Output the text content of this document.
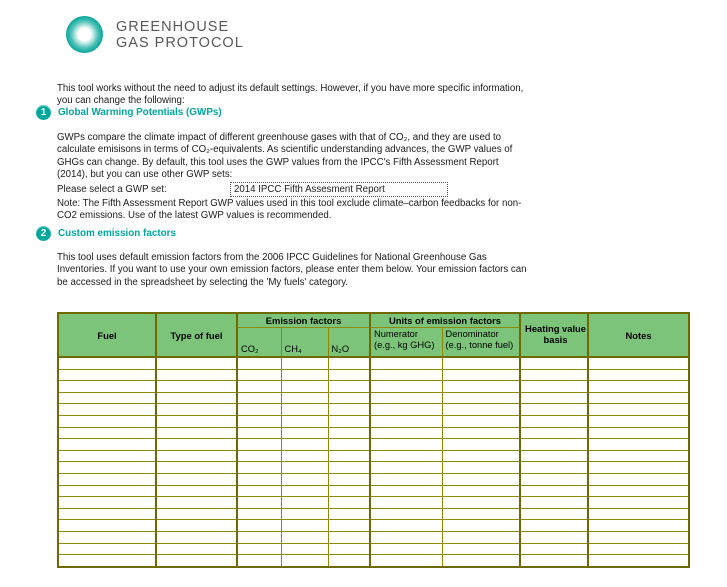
GREENHOUSE
GAS PROTOCOL

This tool works without the need to adjust its default settings. However, if you have more specific information, you can change the following:

1	Global Warming Potentials (GWPs)

GWPs compare the climate impact of different greenhouse gases with that of CO₂, and they are used to calculate emisisons in terms of CO₂-equivalents. As scientific understanding advances, the GWP values of GHGs can change. By default, this tool uses the GWP values from the IPCC's Fifth Assessment Report (2014), but you can use other GWP sets:

Please select a GWP set:	2014 IPCC Fifth Assesment Report

Note: The Fifth Assessment Report GWP values used in this tool exclude climate–carbon feedbacks for non-CO2 emissions. Use of the latest GWP values is recommended.

2	Custom emission factors

This tool uses default emission factors from the 2006 IPCC Guidelines for National Greenhouse Gas Inventories. If you want to use your own emission factors, please enter them below. Your emission factors can be accessed in the spreadsheet by selecting the 'My fuels' category.

Fuel	Type of fuel	Emission factors			Units of emission factors		Heating value basis	Notes
		CO₂	CH₄	N₂O	Numerator (e.g., kg GHG)	Denominator (e.g., tonne fuel)		
